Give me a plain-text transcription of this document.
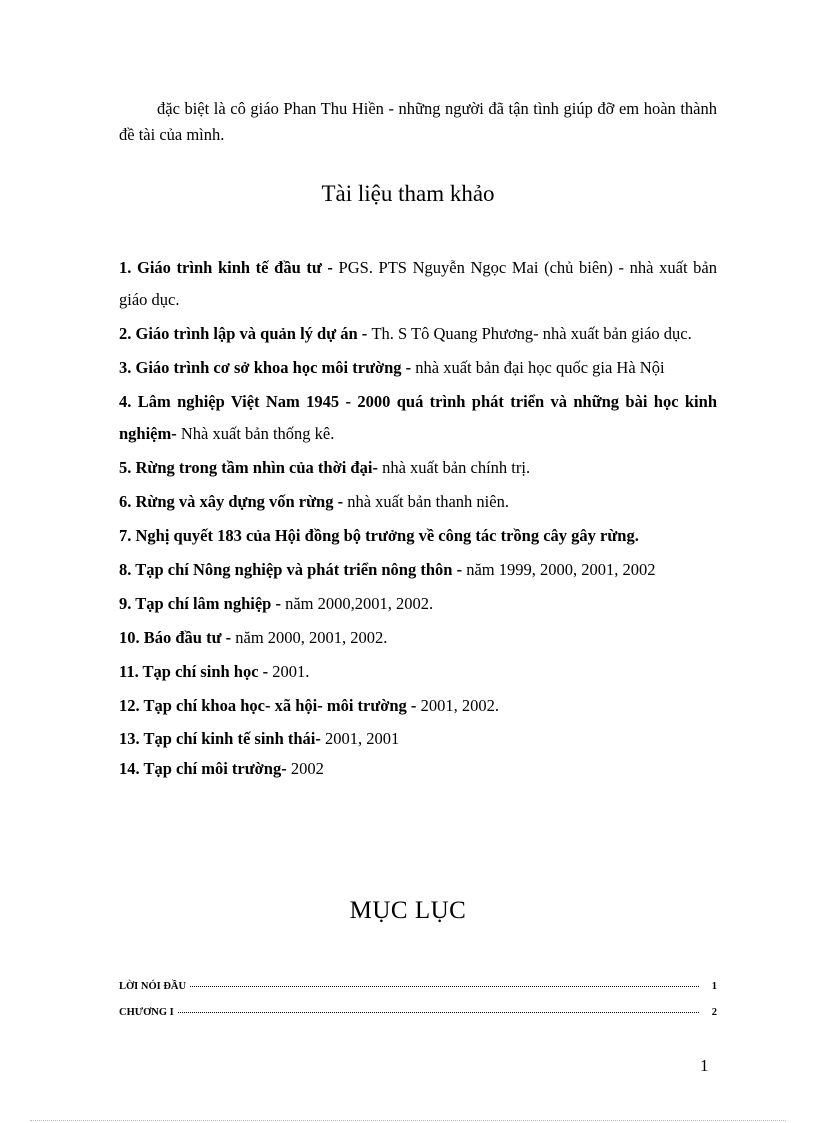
đặc biệt là cô giáo Phan Thu Hiền - những người đã tận tình giúp đỡ em hoàn thành đề tài của mình.

Tài liệu tham khảo
1. Giáo trình kinh tế đầu tư - PGS. PTS Nguyễn Ngọc Mai (chủ biên) - nhà xuất bản giáo dục.
2. Giáo trình lập và quản lý dự án - Th. S Tô Quang Phương- nhà xuất bản giáo dục.
3. Giáo trình cơ sở khoa học môi trường - nhà xuất bản đại học quốc gia Hà Nội
4. Lâm nghiệp Việt Nam 1945 - 2000 quá trình phát triển và những bài học kinh nghiệm- Nhà xuất bản thống kê.
5. Rừng trong tầm nhìn của thời đại- nhà xuất bản chính trị.
6. Rừng và xây dựng vốn rừng - nhà xuất bản thanh niên.
7. Nghị quyết 183 của Hội đồng bộ trưởng về công tác trồng cây gây rừng.
8. Tạp chí Nông nghiệp và phát triển nông thôn - năm 1999, 2000, 2001, 2002
9. Tạp chí lâm nghiệp - năm 2000,2001, 2002.
10. Báo đầu tư - năm 2000, 2001, 2002.
11. Tạp chí sinh học - 2001.
12. Tạp chí khoa học- xã hội- môi trường - 2001, 2002.
13. Tạp chí kinh tế sinh thái- 2001, 2001
14. Tạp chí môi trường- 2002
MỤC LỤC
LỜI NÓI ĐẦU	1
CHƯƠNG I	2
1
